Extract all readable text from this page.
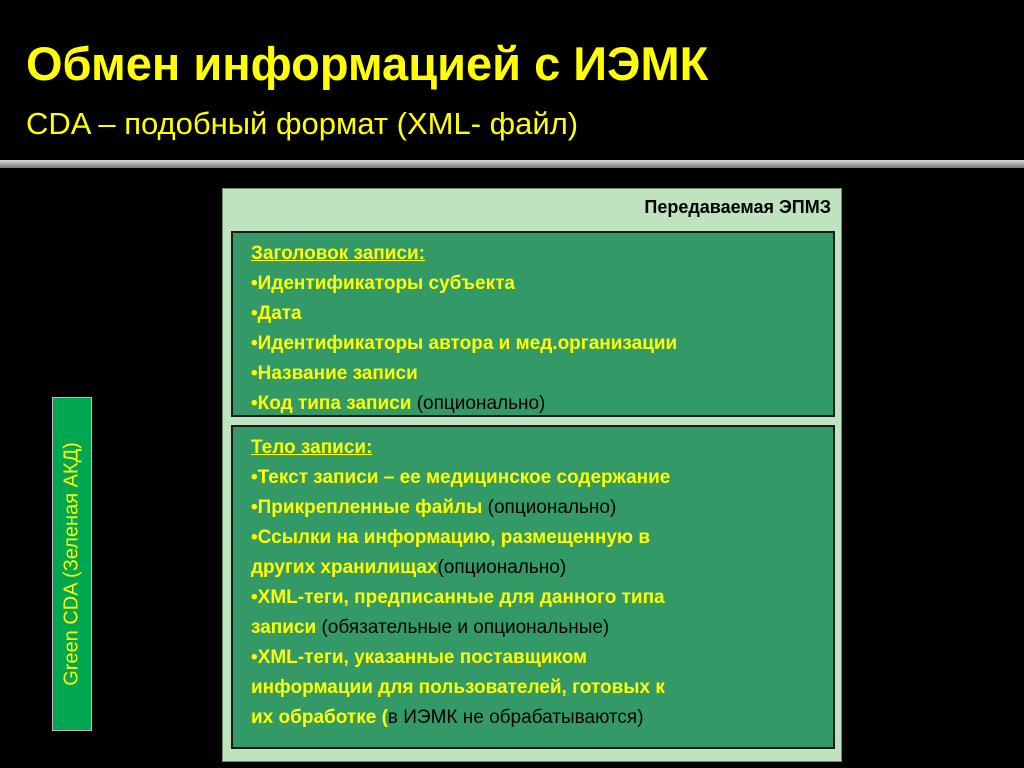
Обмен информацией с ИЭМК
CDA – подобный формат (XML- файл)
Green CDA (Зеленая АКД)
Передаваемая ЭПМЗ
Заголовок записи:
•Идентификаторы субъекта
•Дата
•Идентификаторы автора и мед.организации
•Название записи
•Код типа записи (опционально)
Тело записи:
•Текст записи – ее медицинское содержание
•Прикрепленные файлы (опционально)
•Ссылки на информацию, размещенную в
других хранилищах(опционально)
•XML-теги, предписанные для данного типа
записи (обязательные и опциональные)
•XML-теги, указанные поставщиком
информации для пользователей, готовых к
их обработке (в ИЭМК не обрабатываются)
